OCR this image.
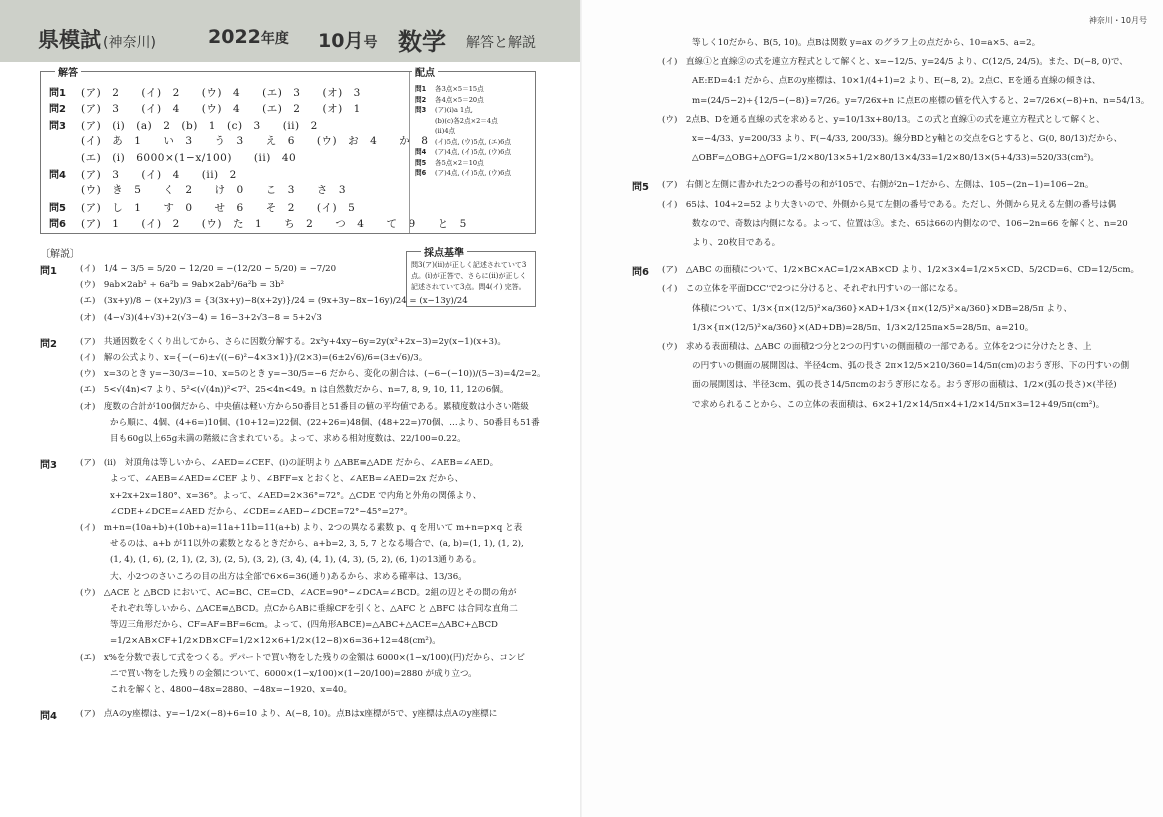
県模試 (神奈川)	2022年度 10月号 数学 解答と解説
解答
問1 (ア)　2　　(イ)　2　　(ウ)　4　　(エ)　3　　(オ)　3
問2 (ア)　3　　(イ)　4　　(ウ)　4　　(エ)　2　　(オ)　1
問3 (ア)　(i)　(a)　2　(b)　1　(c)　3　　(ii)　2
(イ)　あ　1　　い　3　　う　3　　え　6　　(ウ)　お　4　　か　8
(エ)　(i)　6000×(1−x/100)　　(ii)　40
問4 (ア)　3　　(イ)　4　　(ii)　2
(ウ)　き　5　　く　2　　け　0　　こ　3　　さ　3
問5 (ア)　し　1　　す　0　　せ　6　　そ　2　　(イ)　5
問6 (ア)　1　　(イ)　2　　(ウ)　た　1　　ち　2　　つ　4　　て　9　　と　5
配点
問1 各3点×5＝15点
問2 各4点×5＝20点
問3 (ア)(i)a 1点,
(b)(c)各2点×2＝4点
(ii)4点
(イ)5点, (ウ)5点, (エ)6点
問4 (ア)4点, (イ)5点, (ウ)6点
問5 各5点×2＝10点
問6 (ア)4点, (イ)5点, (ウ)6点
〔解説〕	採点基準
問3(ア)(ii)が正しく記述されていて3点。(i)が正答で、さらに(ii)が正しく記述されていて3点。問4(イ) 完答。
問1	(イ)　1/4 − 3/5 = 5/20 − 12/20 = −(12/20 − 5/20) = −7/20
(ウ)　9ab×2ab² ÷ 6a²b = 9ab×2ab²/6a²b = 3b²
(エ)　(3x+y)/8 − (x+2y)/3 = {3(3x+y)−8(x+2y)}/24 = (9x+3y−8x−16y)/24 = (x−13y)/24
(オ)　(4−√3)(4+√3)+2(√3−4) = 16−3+2√3−8 = 5+2√3
問2	(ア)　共通因数をくくり出してから、さらに因数分解する。2x²y+4xy−6y=2y(x²+2x−3)=2y(x−1)(x+3)。
(イ)　解の公式より、x={−(−6)±√((−6)²−4×3×1)}/(2×3)=(6±2√6)/6=(3±√6)/3。
(ウ)　x=3のとき y=−30/3=−10、x=5のとき y=−30/5=−6 だから、変化の割合は、(−6−(−10))/(5−3)=4/2=2。
(エ)　5<√(4n)<7 より、5²<(√(4n))²<7²、25<4n<49。n は自然数だから、n=7, 8, 9, 10, 11, 12の6個。
(オ)　度数の合計が100個だから、中央値は軽い方から50番目と51番目の値の平均値である。累積度数は小さい階級
から順に、4個、(4+6=)10個、(10+12=)22個、(22+26=)48個、(48+22=)70個、…より、50番目も51番
目も60g以上65g未満の階級に含まれている。よって、求める相対度数は、22/100=0.22。
問3	(ア)　(ii)　対頂角は等しいから、∠AED=∠CEF、(i)の証明より △ABE≡△ADE だから、∠AEB=∠AED。
よって、∠AEB=∠AED=∠CEF より、∠BFF=x とおくと、∠AEB=∠AED=2x だから、
x+2x+2x=180°、x=36°。よって、∠AED=2×36°=72°。△CDE で内角と外角の関係より、
∠CDE+∠DCE=∠AED だから、∠CDE=∠AED−∠DCE=72°−45°=27°。
(イ)　m+n=(10a+b)+(10b+a)=11a+11b=11(a+b) より、2つの異なる素数 p、q を用いて m+n=p×q と表
せるのは、a+b が11以外の素数となるときだから、a+b=2, 3, 5, 7 となる場合で、(a, b)=(1, 1), (1, 2),
(1, 4), (1, 6), (2, 1), (2, 3), (2, 5), (3, 2), (3, 4), (4, 1), (4, 3), (5, 2), (6, 1)の13通りある。
大、小2つのさいころの目の出方は全部で6×6=36(通り)あるから、求める確率は、13/36。
(ウ)　△ACE と △BCD において、AC=BC、CE=CD、∠ACE=90°−∠DCA=∠BCD。2組の辺とその間の角が
それぞれ等しいから、△ACE≡△BCD。点CからABに垂線CFを引くと、△AFC と △BFC は合同な直角二
等辺三角形だから、CF=AF=BF=6cm。よって、(四角形ABCE)=△ABC+△ACE=△ABC+△BCD
=1/2×AB×CF+1/2×DB×CF=1/2×12×6+1/2×(12−8)×6=36+12=48(cm²)。
(エ)　x%を分数で表して式をつくる。デパートで買い物をした残りの金額は 6000×(1−x/100)(円)だから、コンビ
ニで買い物をした残りの金額について、6000×(1−x/100)×(1−20/100)=2880 が成り立つ。
これを解くと、4800−48x=2880、−48x=−1920、x=40。
問4	(ア)　点Aのy座標は、y=−1/2×(−8)+6=10 より、A(−8, 10)。点Bはx座標が5で、y座標は点Aのy座標に
神奈川・10月号
等しく10だから、B(5, 10)。点Bは関数 y=ax のグラフ上の点だから、10=a×5、a=2。
(イ)　直線①と直線②の式を連立方程式として解くと、x=−12/5、y=24/5 より、C(12/5, 24/5)。また、D(−8, 0)で、
AE:ED=4:1 だから、点Eのy座標は、10×1/(4+1)=2 より、E(−8, 2)。2点C、Eを通る直線の傾きは、
m=(24/5−2)÷{12/5−(−8)}=7/26。y=7/26x+n に点Eの座標の値を代入すると、2=7/26×(−8)+n、n=54/13。
(ウ)　2点B、Dを通る直線の式を求めると、y=10/13x+80/13。この式と直線①の式を連立方程式として解くと、
x=−4/33、y=200/33 より、F(−4/33, 200/33)。線分BDとy軸との交点をGとすると、G(0, 80/13)だから、
△OBF=△OBG+△OFG=1/2×80/13×5+1/2×80/13×4/33=1/2×80/13×(5+4/33)=520/33(cm²)。
問5 (ア)　右側と左側に書かれた2つの番号の和が105で、右側が2n−1だから、左側は、105−(2n−1)=106−2n。
(イ)　65は、104÷2=52 より大きいので、外側から見て左側の番号である。ただし、外側から見える左側の番号は偶
数なので、奇数は内側になる。よって、位置は③。また、65は66の内側なので、106−2n=66 を解くと、n=20
より、20枚目である。
問6 (ア)　△ABC の面積について、1/2×BC×AC=1/2×AB×CD より、1/2×3×4=1/2×5×CD、5/2CD=6、CD=12/5cm。
(イ)　この立体を平面DCC'で2つに分けると、それぞれ円すいの一部になる。
体積について、1/3×{π×(12/5)²×a/360}×AD+1/3×{π×(12/5)²×a/360}×DB=28/5π より、
1/3×{π×(12/5)²×a/360}×(AD+DB)=28/5π、1/3×2/125πa×5=28/5π、a=210。
(ウ)　求める表面積は、△ABC の面積2つ分と2つの円すいの側面積の一部である。立体を2つに分けたとき、上
の円すいの側面の展開図は、半径4cm、弧の長さ 2π×12/5×210/360=14/5π(cm)のおうぎ形、下の円すいの側
面の展開図は、半径3cm、弧の長さ14/5πcmのおうぎ形になる。おうぎ形の面積は、1/2×(弧の長さ)×(半径)
で求められることから、この立体の表面積は、6×2+1/2×14/5π×4+1/2×14/5π×3=12+49/5π(cm²)。
